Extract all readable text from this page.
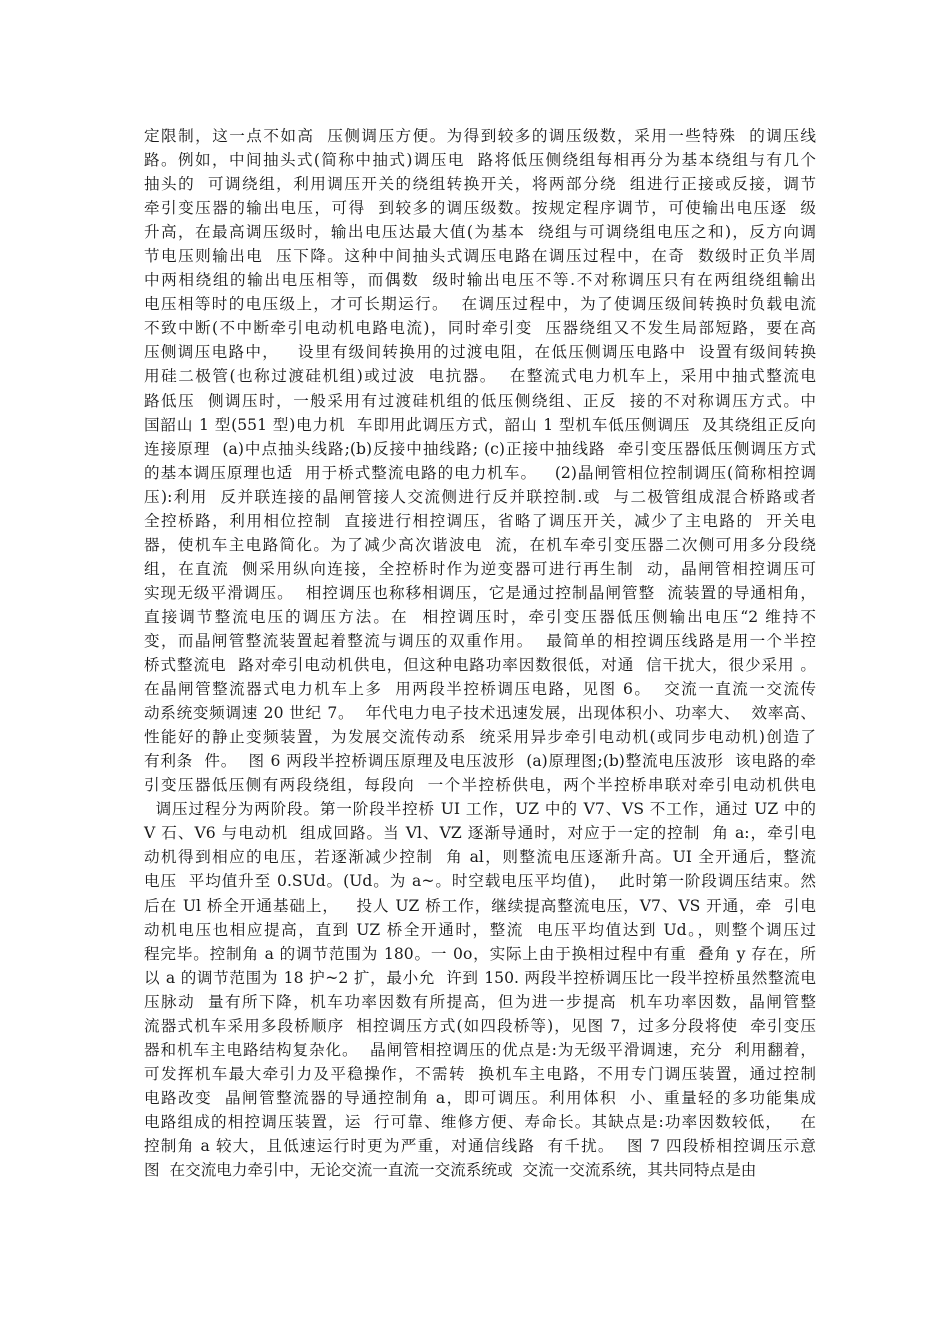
定限制，这一点不如高  压侧调压方便。为得到较多的调压级数，采用一些特殊  的调压线
路。例如，中间抽头式(简称中抽式)调压电  路将低压侧绕组每相再分为基本绕组与有几个
抽头的  可调绕组，利用调压开关的绕组转换开关，将两部分绕  组进行正接或反接，调节
牵引变压器的输出电压，可得  到较多的调压级数。按规定程序调节，可使输出电压逐  级
升高，在最高调压级时，输出电压达最大值(为基本  绕组与可调绕组电压之和)，反方向调
节电压则输出电  压下降。这种中间抽头式调压电路在调压过程中，在奇  数级时正负半周
中两相绕组的输出电压相等，而偶数  级时输出电压不等.不对称调压只有在两组绕组輸出
电压相等时的电压级上，才可长期运行。  在调压过程中，为了使调压级间转换时负载电流
不致中断(不中断牵引电动机电路电流)，同时牵引变  压器绕组又不发生局部短路，要在高
压侧调压电路中，   设里有级间转换用的过渡电阻，在低压侧调压电路中  设置有级间转换
用硅二极管(也称过渡硅机组)或过波  电抗器。  在整流式电力机车上，采用中抽式整流电
路低压  侧调压时，一般采用有过渡硅机组的低压侧绕组、正反  接的不对称调压方式。中
国韶山 1 型(551 型)电力机  车即用此调压方式，韶山 1 型机车低压侧调压  及其绕组正反向
连接原理  (a)中点抽头线路;(b)反接中抽线路; (c)正接中抽线路  牵引变压器低压侧调压方式
的基本调压原理也适  用于桥式整流电路的电力机车。   (2)晶闸管相位控制调压(简称相控调
压):利用  反并联连接的晶闸管接人交流侧进行反并联控制.或  与二极管组成混合桥路或者
全控桥路，利用相位控制  直接进行相控调压，省略了调压开关，减少了主电路的  开关电
器，使机车主电路简化。为了减少高次谐波电  流，在机车牵引变压器二次侧可用多分段绕
组，在直流  侧采用纵向连接，全控桥时作为逆变器可进行再生制  动，晶闸管相控调压可
实现无级平滑调压。  相控调压也称移相调压，它是通过控制晶闸管整  流装置的导通相角，
直接调节整流电压的调压方法。在  相控调压时，牵引变压器低压侧输出电压“2 维持不
变，而晶闸管整流装置起着整流与调压的双重作用。  最简单的相控调压线路是用一个半控
桥式整流电  路对牵引电动机供电，但这种电路功率因数很低，对通  信干扰大，很少采用 。
在晶闸管整流器式电力机车上多  用两段半控桥调压电路，见图 6。  交流一直流一交流传
动系统变频调速 20 世纪 7。  年代电力电子技术迅速发展，出现体积小、功率大、  效率高、
性能好的静止变频装置，为发展交流传动系  统采用异步牵引电动机(或同步电动机)创造了
有利条  件。  图 6 两段半控桥调压原理及电压波形  (a)原理图;(b)整流电压波形  该电路的牵
引变压器低压侧有两段绕组，每段向  一个半控桥供电，两个半控桥串联对牵引电动机供电
调压过程分为两阶段。第一阶段半控桥 UI 工作，UZ 中的 V7、VS 不工作，通过 UZ 中的
V 石、V6 与电动机  组成回路。当 Vl、VZ 逐渐导通时，对应于一定的控制  角 a:，牵引电
动机得到相应的电压，若逐渐减少控制  角 al，则整流电压逐渐升高。UI 全开通后，整流
电压  平均值升至 0.SUd。(Ud。为 a~。时空载电压平均值)，  此时第一阶段调压结束。然
后在 Ul 桥全开通基础上，   投人 UZ 桥工作，继续提高整流电压，V7、VS 开通，牵  引电
动机电压也相应提高，直到 UZ 桥全开通时，整流  电压平均值达到 Ud。，则整个调压过
程完毕。控制角 a 的调节范围为 180。一 0o，实际上由于换相过程中有重  叠角 y 存在，所
以 a 的调节范围为 18 护~2 扩，最小允  许到 150. 两段半控桥调压比一段半控桥虽然整流电
压脉动  量有所下降，机车功率因数有所提高，但为进一步提高  机车功率因数，晶闸管整
流器式机车采用多段桥顺序  相控调压方式(如四段桥等)，见图 7，过多分段将使  牵引变压
器和机车主电路结构复杂化。  晶闸管相控调压的优点是:为无级平滑调速，充分  利用翻着，
可发挥机车最大牵引力及平稳操作，不需转  换机车主电路，不用专门调压装置，通过控制
电路改变  晶闸管整流器的导通控制角 a，即可调压。利用体积  小、重量轻的多功能集成
电路组成的相控调压装置，运  行可靠、维修方便、寿命长。其缺点是:功率因数较低，   在
控制角 a 较大，且低速运行时更为严重，对通信线路  有千扰。  图 7 四段桥相控调压示意
图  在交流电力牵引中，无论交流一直流一交流系统或  交流一交流系统，其共同特点是由
